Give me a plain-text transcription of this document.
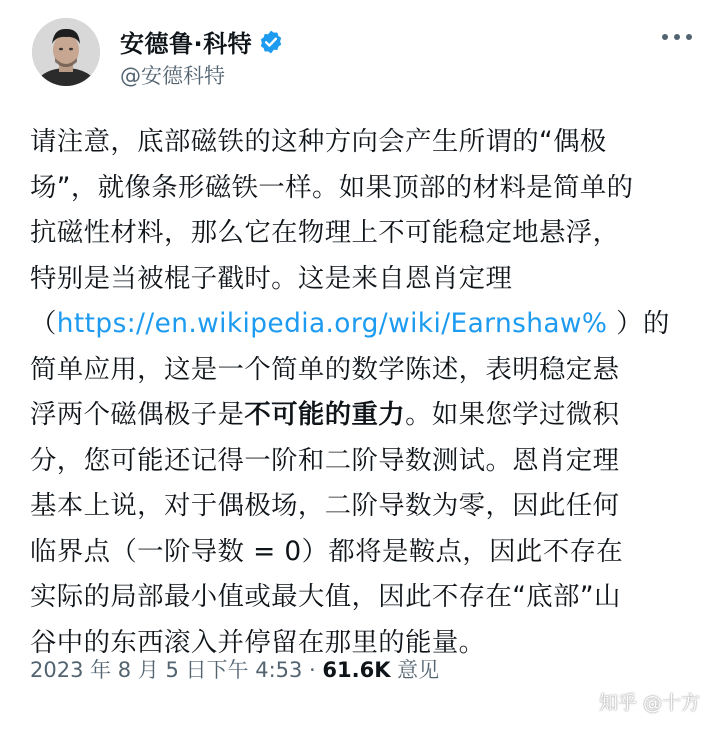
安德鲁·科特
@安德科特
请注意，底部磁铁的这种方向会产生所谓的“偶极
场”，就像条形磁铁一样。如果顶部的材料是简单的
抗磁性材料，那么它在物理上不可能稳定地悬浮，
特别是当被棍子戳时。这是来自恩肖定理
（https://en.wikipedia.org/wiki/Earnshaw% ）的
简单应用，这是一个简单的数学陈述，表明稳定悬
浮两个磁偶极子是不可能的重力。如果您学过微积
分，您可能还记得一阶和二阶导数测试。恩肖定理
基本上说，对于偶极场，二阶导数为零，因此任何
临界点（一阶导数 = 0）都将是鞍点，因此不存在
实际的局部最小值或最大值，因此不存在“底部”山
谷中的东西滚入并停留在那里的能量。
2023 年 8 月 5 日下午 4:53 · 61.6K 意见
知乎 @十方
